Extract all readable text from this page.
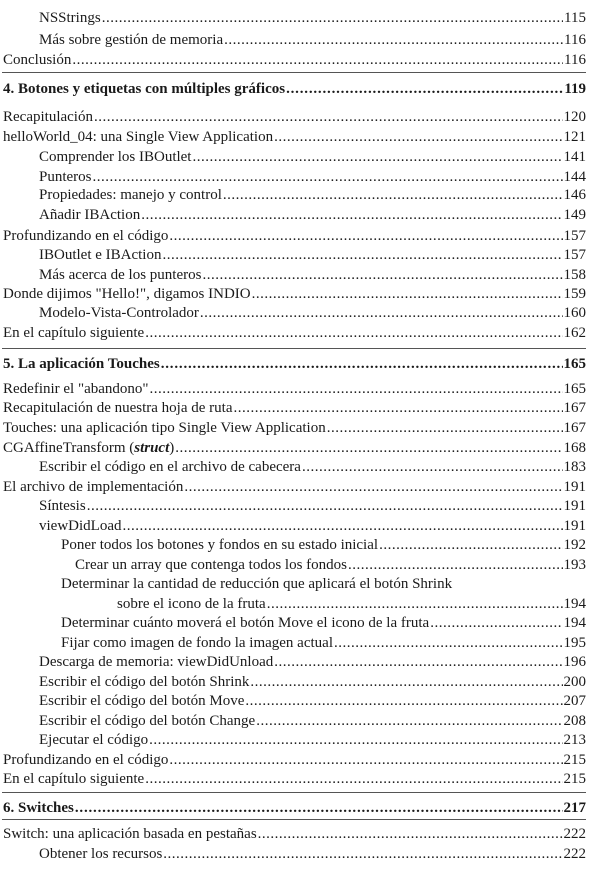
NSStrings .....	115
Más sobre gestión de memoria .....	116
Conclusión .....	116
4. Botones y etiquetas con múltiples gráficos .....	119
Recapitulación .....	120
helloWorld_04: una Single View Application .....	121
Comprender los IBOutlet .....	141
Punteros .....	144
Propiedades: manejo y control .....	146
Añadir IBAction .....	149
Profundizando en el código .....	157
IBOutlet e IBAction .....	157
Más acerca de los punteros .....	158
Donde dijimos "Hello!", digamos INDIO .....	159
Modelo-Vista-Controlador .....	160
En el capítulo siguiente .....	162
5. La aplicación Touches .....	165
Redefinir el "abandono" .....	165
Recapitulación de nuestra hoja de ruta .....	167
Touches: una aplicación tipo Single View Application .....	167
CGAffineTransform (struct) .....	168
Escribir el código en el archivo de cabecera .....	183
El archivo de implementación .....	191
Síntesis .....	191
viewDidLoad .....	191
Poner todos los botones y fondos en su estado inicial .....	192
Crear un array que contenga todos los fondos .....	193
Determinar la cantidad de reducción que aplicará el botón Shrink
sobre el icono de la fruta .....	194
Determinar cuánto moverá el botón Move el icono de la fruta .....	194
Fijar como imagen de fondo la imagen actual .....	195
Descarga de memoria: viewDidUnload .....	196
Escribir el código del botón Shrink .....	200
Escribir el código del botón Move .....	207
Escribir el código del botón Change .....	208
Ejecutar el código .....	213
Profundizando en el código .....	215
En el capítulo siguiente .....	215
6. Switches .....	217
Switch: una aplicación basada en pestañas .....	222
Obtener los recursos .....	222
